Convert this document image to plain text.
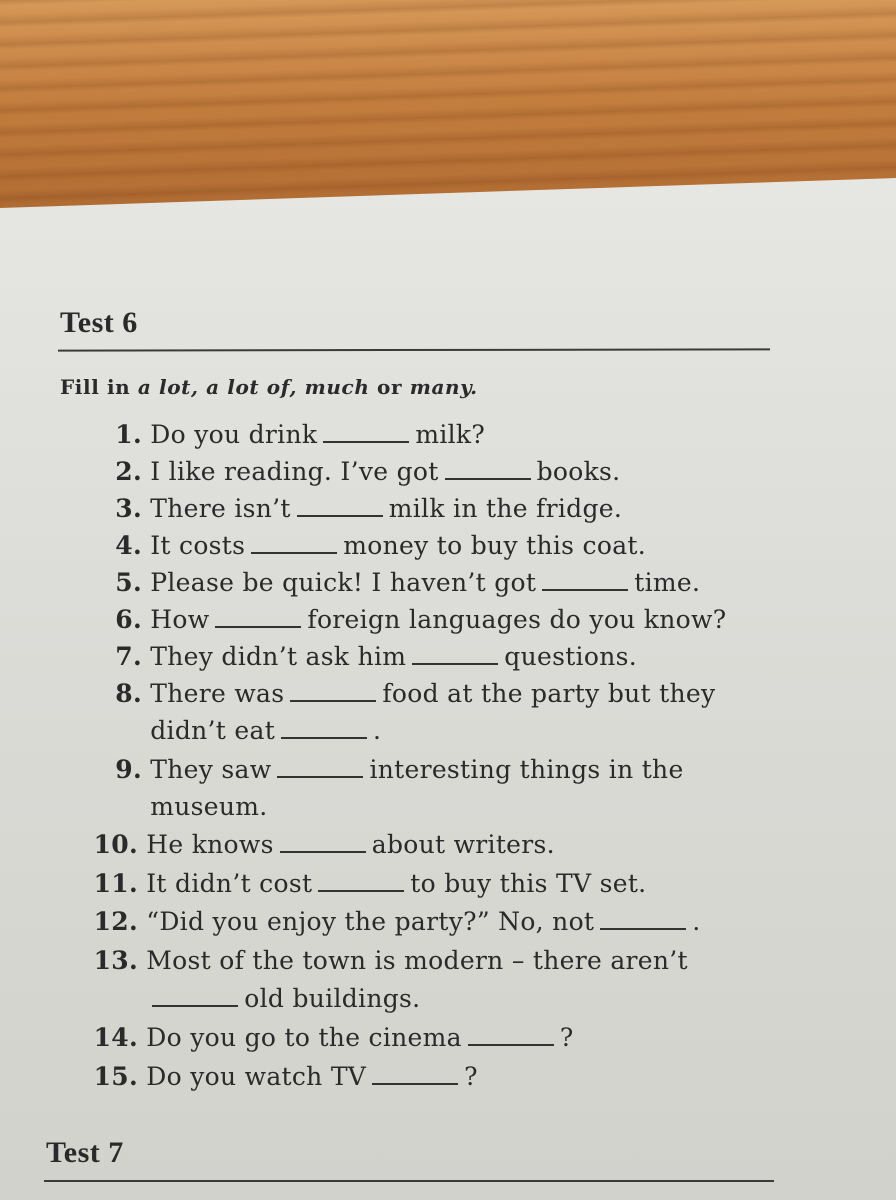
Test 6
Fill in a lot, a lot of, much or many.
1. Do you drink	milk?
2. I like reading. I’ve got	books.
3. There isn’t	milk in the fridge.
4. It costs	money to buy this coat.
5. Please be quick! I haven’t got	time.
6. How	foreign languages do you know?
7. They didn’t ask him	questions.
8. There was	food at the party but they
didn’t eat	.
9. They saw	interesting things in the
museum.
10. He knows	about writers.
11. It didn’t cost	to buy this TV set.
12. “Did you enjoy the party?” No, not	.
13. Most of the town is modern – there aren’t
old buildings.
14. Do you go to the cinema	?
15. Do you watch TV	?
Test 7
